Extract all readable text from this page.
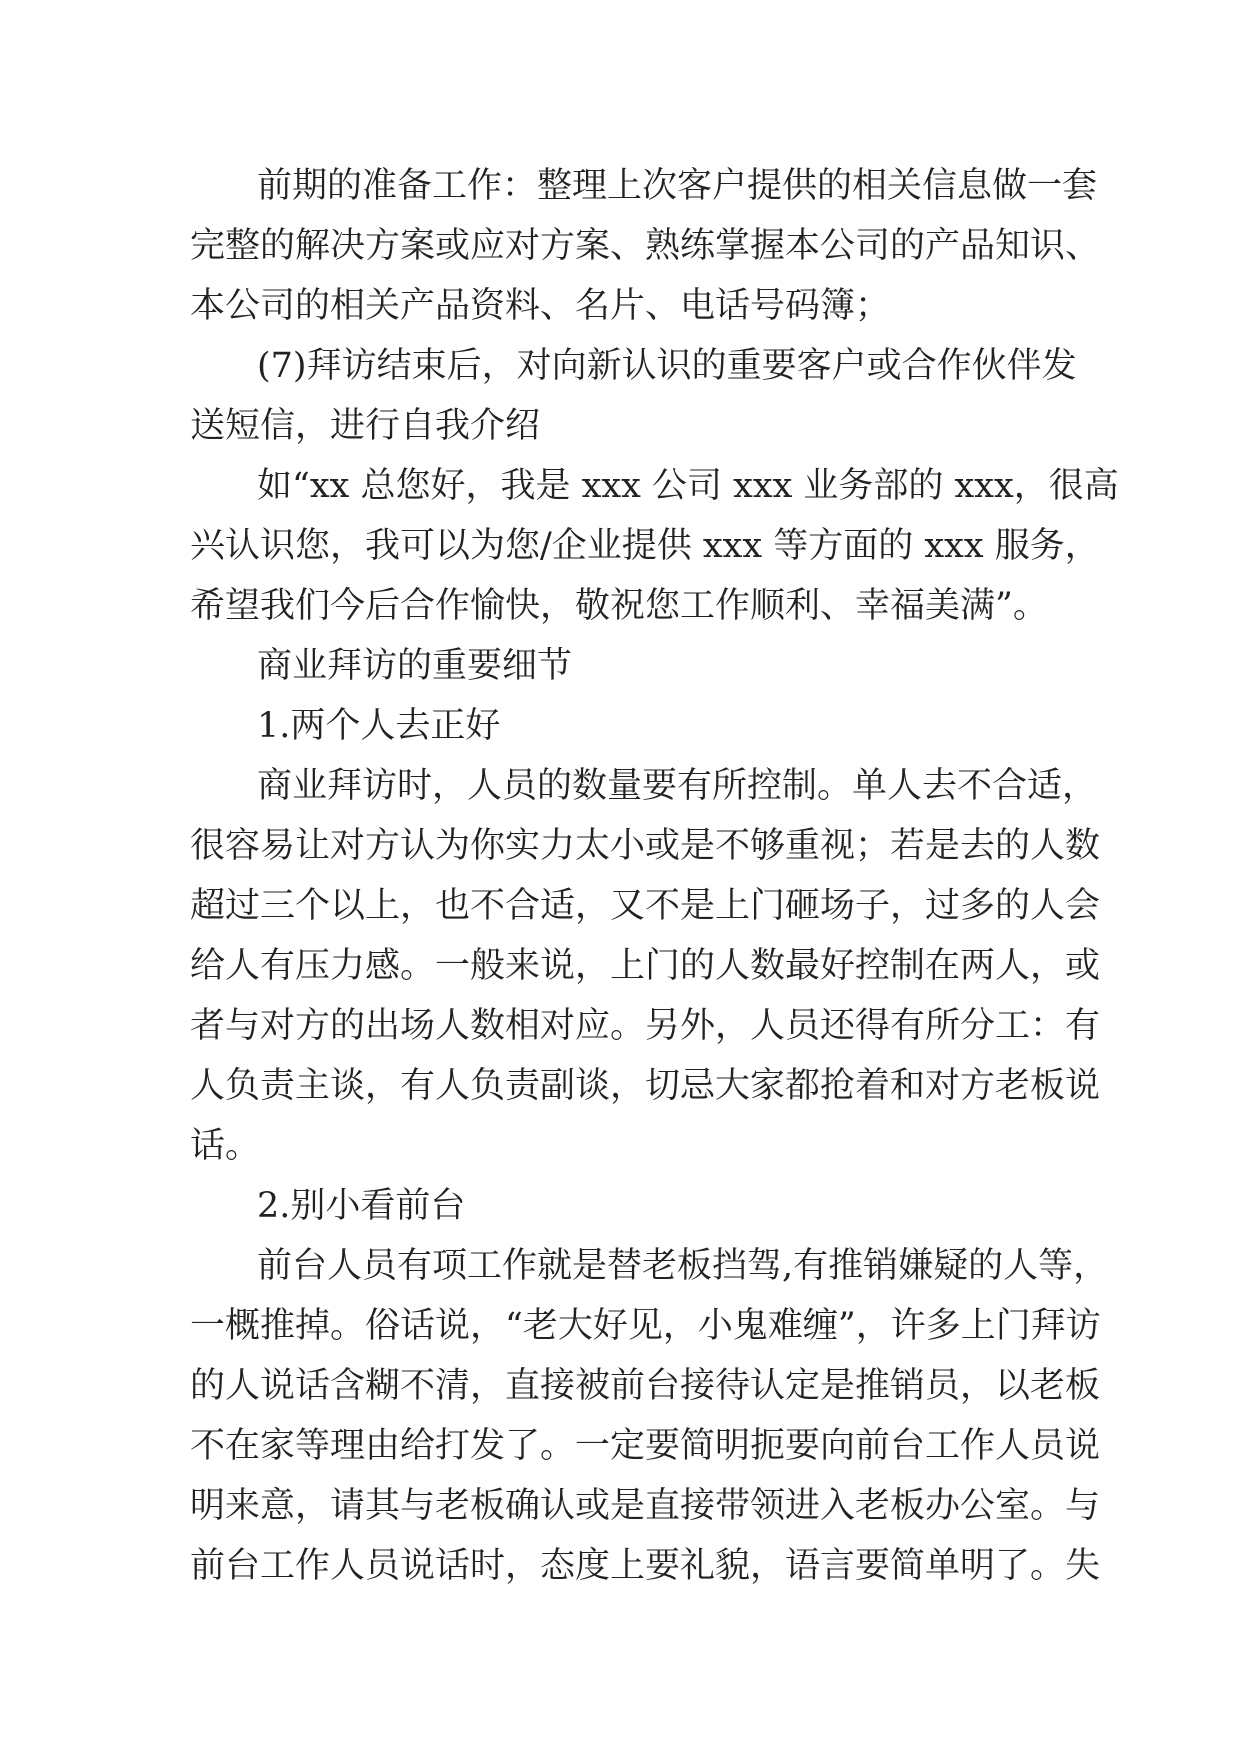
前期的准备工作：整理上次客户提供的相关信息做一套
完整的解决方案或应对方案、熟练掌握本公司的产品知识、
本公司的相关产品资料、名片、电话号码簿；
(7)拜访结束后，对向新认识的重要客户或合作伙伴发
送短信，进行自我介绍
如“xx 总您好，我是 xxx 公司 xxx 业务部的 xxx，很高
兴认识您，我可以为您/企业提供 xxx 等方面的 xxx 服务，
希望我们今后合作愉快，敬祝您工作顺利、幸福美满”。
商业拜访的重要细节
1.两个人去正好
商业拜访时，人员的数量要有所控制。单人去不合适，
很容易让对方认为你实力太小或是不够重视；若是去的人数
超过三个以上，也不合适，又不是上门砸场子，过多的人会
给人有压力感。一般来说，上门的人数最好控制在两人，或
者与对方的出场人数相对应。另外，人员还得有所分工：有
人负责主谈，有人负责副谈，切忌大家都抢着和对方老板说
话。
2.别小看前台
前台人员有项工作就是替老板挡驾,有推销嫌疑的人等，
一概推掉。俗话说，“老大好见，小鬼难缠”，许多上门拜访
的人说话含糊不清，直接被前台接待认定是推销员，以老板
不在家等理由给打发了。一定要简明扼要向前台工作人员说
明来意，请其与老板确认或是直接带领进入老板办公室。与
前台工作人员说话时，态度上要礼貌，语言要简单明了。失
